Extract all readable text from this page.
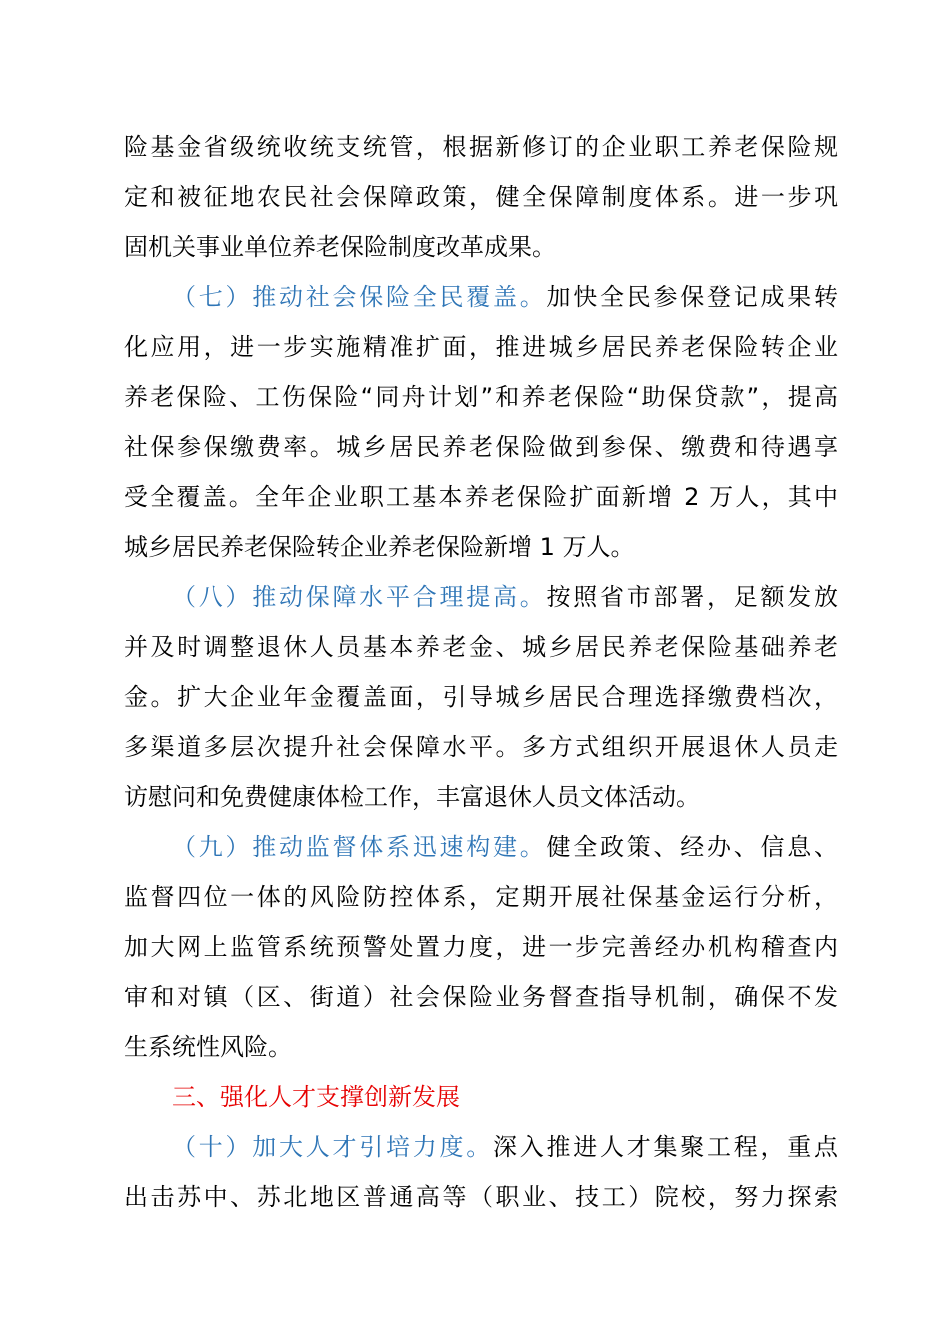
险基金省级统收统支统管，根据新修订的企业职工养老保险规
定和被征地农民社会保障政策，健全保障制度体系。进一步巩
固机关事业单位养老保险制度改革成果。
（七）推动社会保险全民覆盖。加快全民参保登记成果转
化应用，进一步实施精准扩面，推进城乡居民养老保险转企业
养老保险、工伤保险“同舟计划”和养老保险“助保贷款”，提高
社保参保缴费率。城乡居民养老保险做到参保、缴费和待遇享
受全覆盖。全年企业职工基本养老保险扩面新增 2 万人，其中
城乡居民养老保险转企业养老保险新增 1 万人。
（八）推动保障水平合理提高。按照省市部署，足额发放
并及时调整退休人员基本养老金、城乡居民养老保险基础养老
金。扩大企业年金覆盖面，引导城乡居民合理选择缴费档次，
多渠道多层次提升社会保障水平。多方式组织开展退休人员走
访慰问和免费健康体检工作，丰富退休人员文体活动。
（九）推动监督体系迅速构建。健全政策、经办、信息、
监督四位一体的风险防控体系，定期开展社保基金运行分析，
加大网上监管系统预警处置力度，进一步完善经办机构稽查内
审和对镇（区、街道）社会保险业务督查指导机制，确保不发
生系统性风险。
三、强化人才支撑创新发展
（十）加大人才引培力度。深入推进人才集聚工程，重点
出击苏中、苏北地区普通高等（职业、技工）院校，努力探索
